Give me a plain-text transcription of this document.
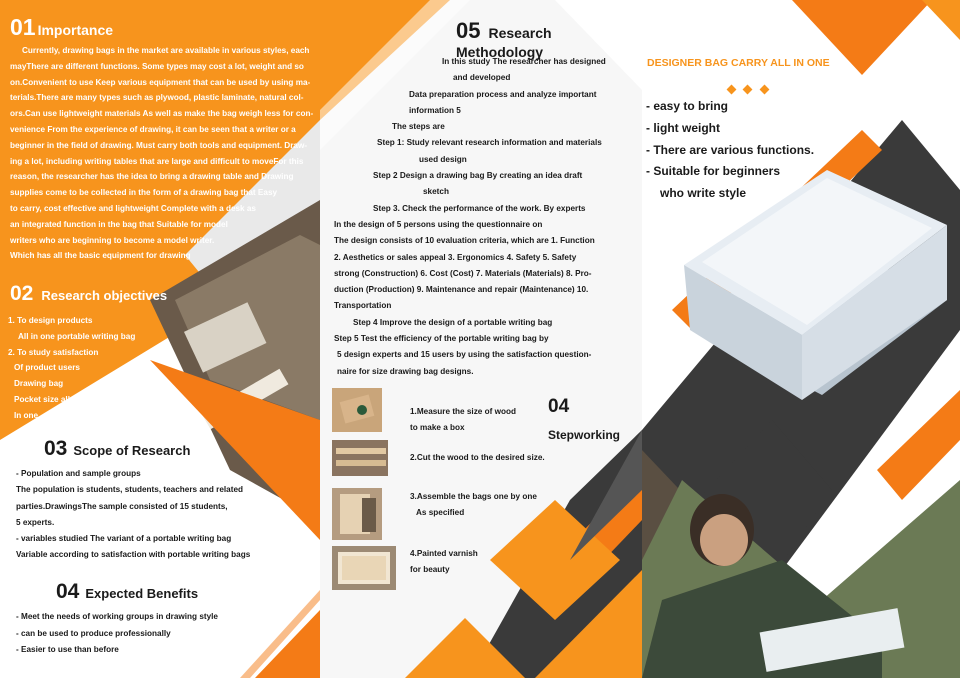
01 Importance
Currently, drawing bags in the market are available in various styles, each
mayThere are different functions. Some types may cost a lot, weight and so
on.Convenient to use Keep various equipment that can be used by using ma-
terials.There are many types such as plywood, plastic laminate, natural col-
ors.Can use lightweight materials As well as make the bag weigh less for con-
venience From the experience of drawing, it can be seen that a writer or a
beginner in the field of drawing. Must carry both tools and equipment. Draw-
ing a lot, including writing tables that are large and difficult to moveFor this
reason, the researcher has the idea to bring a drawing table and Drawing
supplies come to be collected in the form of a drawing bag that Easy
to carry, cost effective and lightweight Complete with a desk as
an integrated function in the bag that Suitable for model
writers who are beginning to become a model writer.
Which has all the basic equipment for drawing
02 Research objectives
1. To design products
All in one portable writing bag
2. To study satisfaction
Of product users
Drawing bag
Pocket size all
In one
03 Scope of Research
- Population and sample groups
The population is students, students, teachers and related
parties.DrawingsThe sample consisted of 15 students,
5 experts.
- variables studied The variant of a portable writing bag
Variable according to satisfaction with portable writing bags
04 Expected Benefits
- Meet the needs of working groups in drawing style
- can be used to produce professionally
- Easier to use than before
05 Research Methodology
In this study The researcher has designed
and developed
Data preparation process and analyze important
information 5
The steps are
Step 1: Study relevant research information and materials
used design
Step 2 Design a drawing bag By creating an idea draft
sketch
Step 3. Check the performance of the work. By experts
In the design of 5 persons using the questionnaire on
The design consists of 10 evaluation criteria, which are 1. Function
2. Aesthetics or sales appeal 3. Ergonomics 4. Safety 5. Safety
strong (Construction) 6. Cost (Cost) 7. Materials (Materials) 8. Pro-
duction (Production) 9. Maintenance and repair (Maintenance) 10.
Transportation
Step 4 Improve the design of a portable writing bag
Step 5 Test the efficiency of the portable writing bag by
5 design experts and 15 users by using the satisfaction question-
naire for size drawing bag designs.
04
Stepworking
1.Measure the size of wood
to make a box
2.Cut the wood to the desired size.
3.Assemble the bags one by one
As specified
4.Painted varnish
for beauty
DESIGNER BAG CARRY ALL IN ONE

- easy to bring
- light weight
- There are various functions.
- Suitable for beginners
who write style
